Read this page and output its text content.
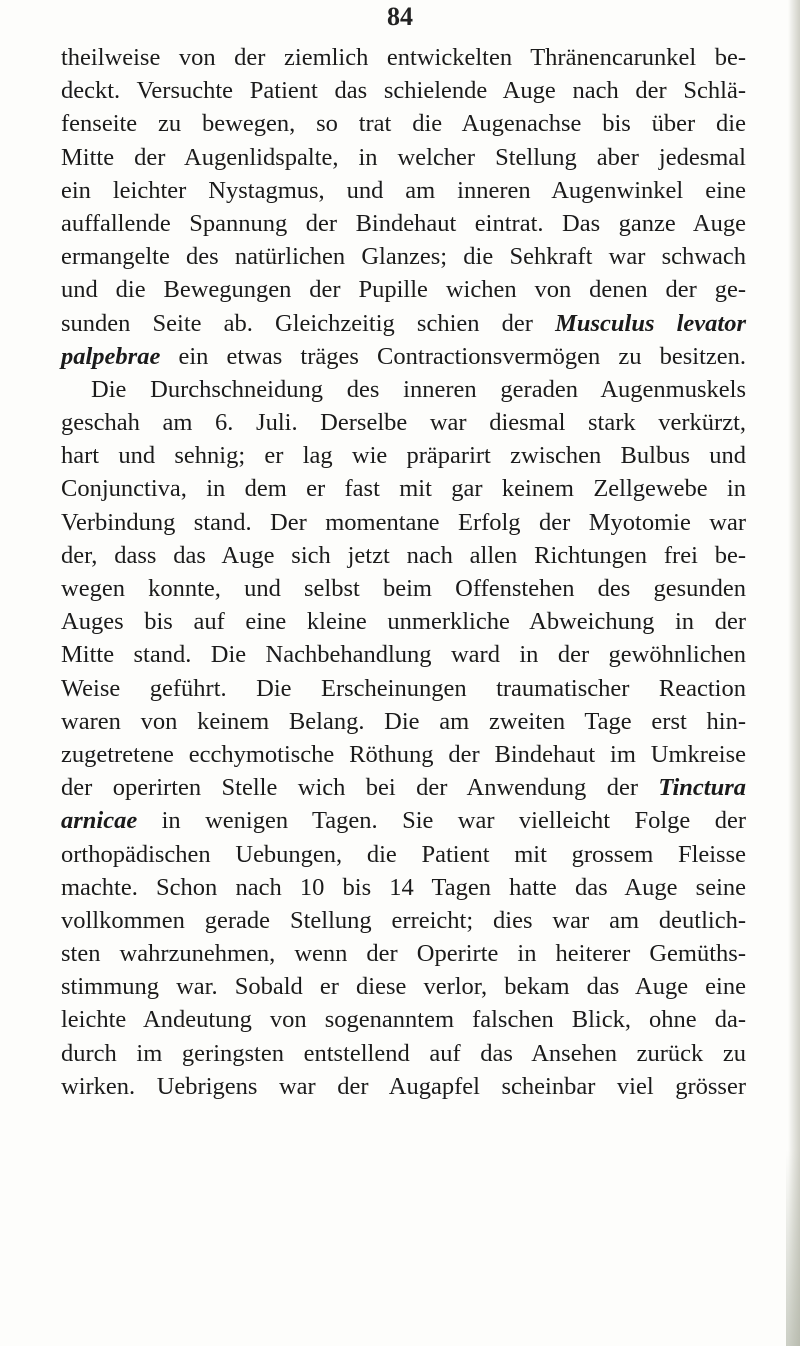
84
theilweise von der ziemlich entwickelten Thränencarunkel be-
deckt. Versuchte Patient das schielende Auge nach der Schlä-
fenseite zu bewegen, so trat die Augenachse bis über die
Mitte der Augenlidspalte, in welcher Stellung aber jedesmal
ein leichter Nystagmus, und am inneren Augenwinkel eine
auffallende Spannung der Bindehaut eintrat. Das ganze Auge
ermangelte des natürlichen Glanzes; die Sehkraft war schwach
und die Bewegungen der Pupille wichen von denen der ge-
sunden Seite ab. Gleichzeitig schien der Musculus levator
palpebrae ein etwas träges Contractionsvermögen zu besitzen.
Die Durchschneidung des inneren geraden Augenmuskels
geschah am 6. Juli. Derselbe war diesmal stark verkürzt,
hart und sehnig; er lag wie präparirt zwischen Bulbus und
Conjunctiva, in dem er fast mit gar keinem Zellgewebe in
Verbindung stand. Der momentane Erfolg der Myotomie war
der, dass das Auge sich jetzt nach allen Richtungen frei be-
wegen konnte, und selbst beim Offenstehen des gesunden
Auges bis auf eine kleine unmerkliche Abweichung in der
Mitte stand. Die Nachbehandlung ward in der gewöhnlichen
Weise geführt. Die Erscheinungen traumatischer Reaction
waren von keinem Belang. Die am zweiten Tage erst hin-
zugetretene ecchymotische Röthung der Bindehaut im Umkreise
der operirten Stelle wich bei der Anwendung der Tinctura
arnicae in wenigen Tagen. Sie war vielleicht Folge der
orthopädischen Uebungen, die Patient mit grossem Fleisse
machte. Schon nach 10 bis 14 Tagen hatte das Auge seine
vollkommen gerade Stellung erreicht; dies war am deutlich-
sten wahrzunehmen, wenn der Operirte in heiterer Gemüths-
stimmung war. Sobald er diese verlor, bekam das Auge eine
leichte Andeutung von sogenanntem falschen Blick, ohne da-
durch im geringsten entstellend auf das Ansehen zurück zu
wirken. Uebrigens war der Augapfel scheinbar viel grösser
